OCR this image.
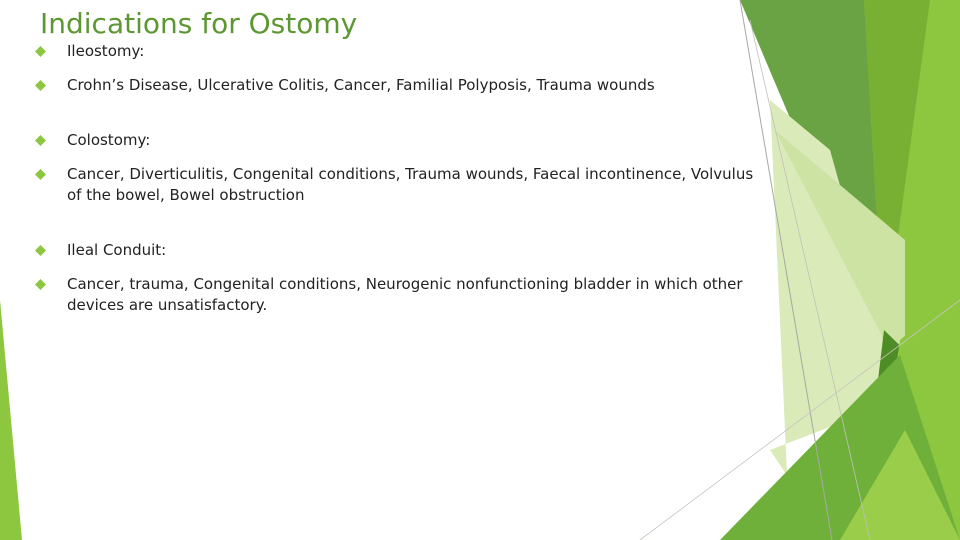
Indications for Ostomy
Ileostomy:
Crohn’s Disease, Ulcerative Colitis, Cancer, Familial Polyposis, Trauma wounds
Colostomy:
Cancer, Diverticulitis, Congenital conditions, Trauma wounds, Faecal incontinence, Volvulus of the bowel, Bowel obstruction
Ileal Conduit:
Cancer, trauma, Congenital conditions, Neurogenic nonfunctioning bladder in which other devices are unsatisfactory.
